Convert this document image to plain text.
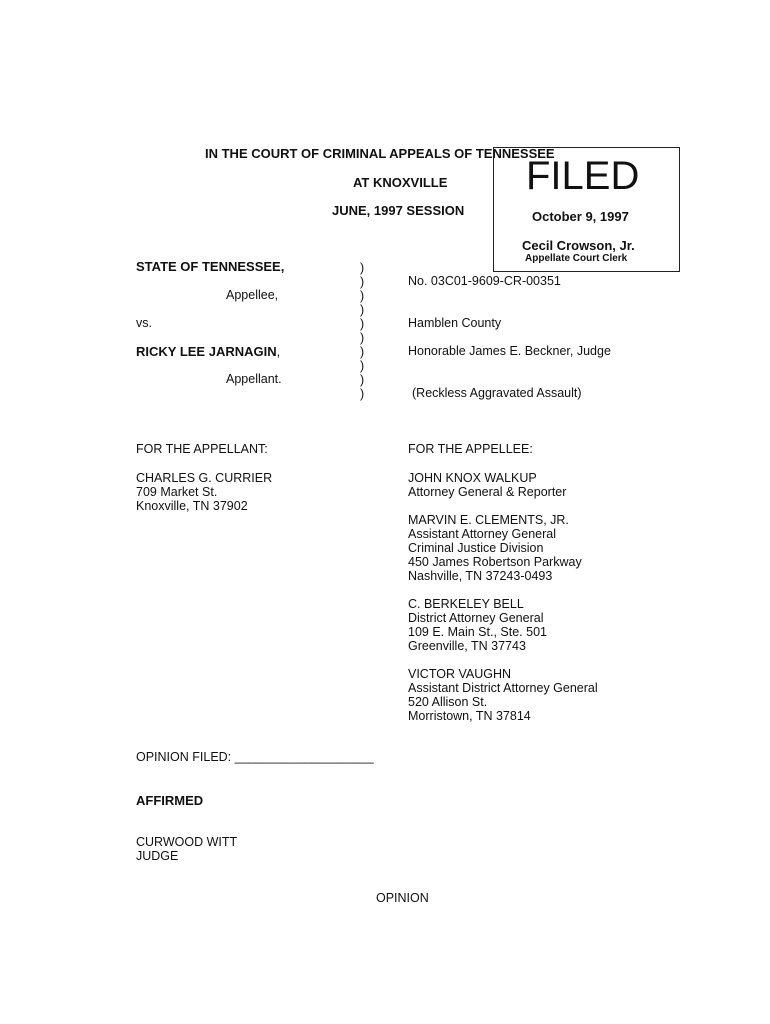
IN THE COURT OF CRIMINAL APPEALS OF TENNESSEE
AT KNOXVILLE
JUNE, 1997 SESSION
FILED
October 9, 1997
Cecil Crowson, Jr.
Appellate Court Clerk
STATE OF TENNESSEE,
Appellee,
vs.
RICKY LEE JARNAGIN,
Appellant.
)
)
)
)
)
)
)
)
)
)
No. 03C01-9609-CR-00351
Hamblen County
Honorable James E. Beckner, Judge
(Reckless Aggravated Assault)
FOR THE APPELLANT:	FOR THE APPELLEE:
CHARLES G. CURRIER
709 Market St.
Knoxville, TN 37902
JOHN KNOX WALKUP
Attorney General & Reporter
MARVIN E. CLEMENTS, JR.
Assistant Attorney General
Criminal Justice Division
450 James Robertson Parkway
Nashville, TN 37243-0493
C. BERKELEY BELL
District Attorney General
109 E. Main St., Ste. 501
Greenville, TN 37743
VICTOR VAUGHN
Assistant District Attorney General
520 Allison St.
Morristown, TN 37814
OPINION FILED: ____________________
AFFIRMED
CURWOOD WITT
JUDGE
OPINION
